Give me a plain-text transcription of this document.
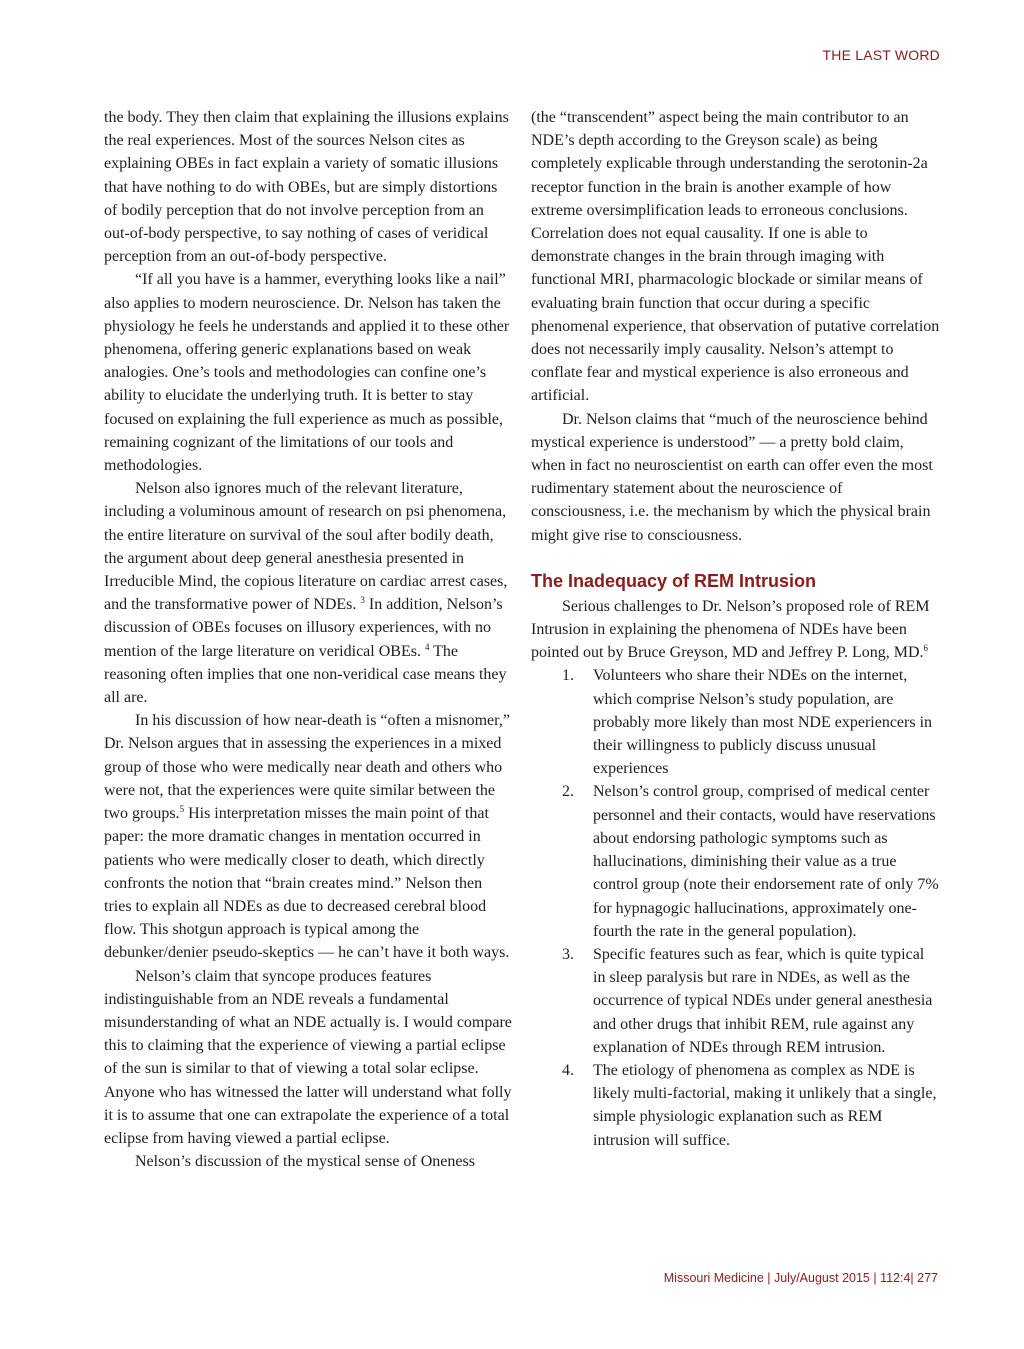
THE LAST WORD

the body. They then claim that explaining the illusions explains the real experiences. Most of the sources Nelson cites as explaining OBEs in fact explain a variety of somatic illusions that have nothing to do with OBEs, but are simply distortions of bodily perception that do not involve perception from an out-of-body perspective, to say nothing of cases of veridical perception from an out-of-body perspective.

“If all you have is a hammer, everything looks like a nail” also applies to modern neuroscience. Dr. Nelson has taken the physiology he feels he understands and applied it to these other phenomena, offering generic explanations based on weak analogies. One’s tools and methodologies can confine one’s ability to elucidate the underlying truth. It is better to stay focused on explaining the full experience as much as possible, remaining cognizant of the limitations of our tools and methodologies.

Nelson also ignores much of the relevant literature, including a voluminous amount of research on psi phenomena, the entire literature on survival of the soul after bodily death, the argument about deep general anesthesia presented in Irreducible Mind, the copious literature on cardiac arrest cases, and the transformative power of NDEs. $^3$ In addition, Nelson’s discussion of OBEs focuses on illusory experiences, with no mention of the large literature on veridical OBEs. $^4$ The reasoning often implies that one non-veridical case means they all are.

In his discussion of how near-death is “often a misnomer,” Dr. Nelson argues that in assessing the experiences in a mixed group of those who were medically near death and others who were not, that the experiences were quite similar between the two groups.$^5$ His interpretation misses the main point of that paper: the more dramatic changes in mentation occurred in patients who were medically closer to death, which directly confronts the notion that “brain creates mind.” Nelson then tries to explain all NDEs as due to decreased cerebral blood flow. This shotgun approach is typical among the debunker/denier pseudo-skeptics — he can’t have it both ways.

Nelson’s claim that syncope produces features indistinguishable from an NDE reveals a fundamental misunderstanding of what an NDE actually is. I would compare this to claiming that the experience of viewing a partial eclipse of the sun is similar to that of viewing a total solar eclipse. Anyone who has witnessed the latter will understand what folly it is to assume that one can extrapolate the experience of a total eclipse from having viewed a partial eclipse.

Nelson’s discussion of the mystical sense of Oneness

(the “transcendent” aspect being the main contributor to an NDE’s depth according to the Greyson scale) as being completely explicable through understanding the serotonin-2a receptor function in the brain is another example of how extreme oversimplification leads to erroneous conclusions. Correlation does not equal causality. If one is able to demonstrate changes in the brain through imaging with functional MRI, pharmacologic blockade or similar means of evaluating brain function that occur during a specific phenomenal experience, that observation of putative correlation does not necessarily imply causality. Nelson’s attempt to conflate fear and mystical experience is also erroneous and artificial.

Dr. Nelson claims that “much of the neuroscience behind mystical experience is understood” — a pretty bold claim, when in fact no neuroscientist on earth can offer even the most rudimentary statement about the neuroscience of consciousness, i.e. the mechanism by which the physical brain might give rise to consciousness.

The Inadequacy of REM Intrusion

Serious challenges to Dr. Nelson’s proposed role of REM Intrusion in explaining the phenomena of NDEs have been pointed out by Bruce Greyson, MD and Jeffrey P. Long, MD.$^6$

1. Volunteers who share their NDEs on the internet, which comprise Nelson’s study population, are probably more likely than most NDE experiencers in their willingness to publicly discuss unusual experiences
2. Nelson’s control group, comprised of medical center personnel and their contacts, would have reservations about endorsing pathologic symptoms such as hallucinations, diminishing their value as a true control group (note their endorsement rate of only 7% for hypnagogic hallucinations, approximately one-fourth the rate in the general population).
3. Specific features such as fear, which is quite typical in sleep paralysis but rare in NDEs, as well as the occurrence of typical NDEs under general anesthesia and other drugs that inhibit REM, rule against any explanation of NDEs through REM intrusion.
4. The etiology of phenomena as complex as NDE is likely multi-factorial, making it unlikely that a single, simple physiologic explanation such as REM intrusion will suffice.
Missouri Medicine | July/August 2015 | 112:4| 277
